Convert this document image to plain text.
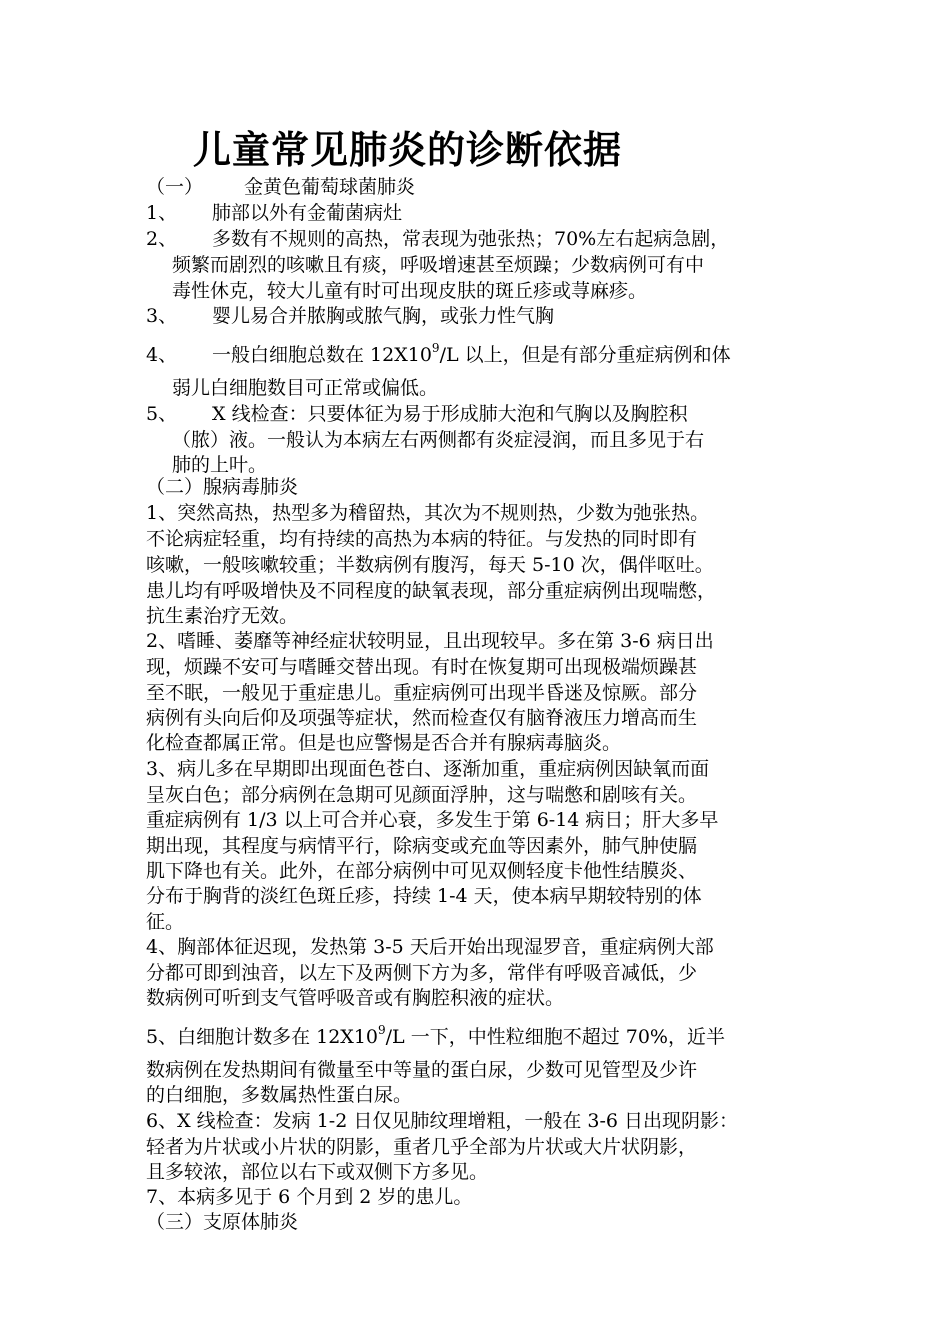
儿童常见肺炎的诊断依据

（一） 金黄色葡萄球菌肺炎

1、 肺部以外有金葡菌病灶

2、 多数有不规则的高热，常表现为弛张热；70%左右起病急剧，

频繁而剧烈的咳嗽且有痰，呼吸增速甚至烦躁；少数病例可有中

毒性休克，较大儿童有时可出现皮肤的斑丘疹或荨麻疹。

3、 婴儿易合并脓胸或脓气胸，或张力性气胸

4、 一般白细胞总数在 $12X10^9/L$ 以上，但是有部分重症病例和体

弱儿白细胞数目可正常或偏低。

5、 X 线检查：只要体征为易于形成肺大泡和气胸以及胸腔积

（脓）液。一般认为本病左右两侧都有炎症浸润，而且多见于右

肺的上叶。

（二）腺病毒肺炎

1、突然高热，热型多为稽留热，其次为不规则热，少数为弛张热。

不论病症轻重，均有持续的高热为本病的特征。与发热的同时即有

咳嗽，一般咳嗽较重；半数病例有腹泻，每天 5-10 次，偶伴呕吐。

患儿均有呼吸增快及不同程度的缺氧表现，部分重症病例出现喘憋，

抗生素治疗无效。

2、嗜睡、萎靡等神经症状较明显，且出现较早。多在第 3-6 病日出

现，烦躁不安可与嗜睡交替出现。有时在恢复期可出现极端烦躁甚

至不眠，一般见于重症患儿。重症病例可出现半昏迷及惊厥。部分

病例有头向后仰及项强等症状，然而检查仅有脑脊液压力增高而生

化检查都属正常。但是也应警惕是否合并有腺病毒脑炎。

3、病儿多在早期即出现面色苍白、逐渐加重，重症病例因缺氧而面

呈灰白色；部分病例在急期可见颜面浮肿，这与喘憋和剧咳有关。

重症病例有 1/3 以上可合并心衰，多发生于第 6-14 病日；肝大多早

期出现，其程度与病情平行，除病变或充血等因素外，肺气肿使膈

肌下降也有关。此外，在部分病例中可见双侧轻度卡他性结膜炎、

分布于胸背的淡红色斑丘疹，持续 1-4 天，使本病早期较特别的体

征。

4、胸部体征迟现，发热第 3-5 天后开始出现湿罗音，重症病例大部

分都可即到浊音，以左下及两侧下方为多，常伴有呼吸音减低，少

数病例可听到支气管呼吸音或有胸腔积液的症状。

5、白细胞计数多在 $12X10^9/L$ 一下，中性粒细胞不超过 70%，近半

数病例在发热期间有微量至中等量的蛋白尿，少数可见管型及少许

的白细胞，多数属热性蛋白尿。

6、X 线检查：发病 1-2 日仅见肺纹理增粗，一般在 3-6 日出现阴影：

轻者为片状或小片状的阴影，重者几乎全部为片状或大片状阴影，

且多较浓，部位以右下或双侧下方多见。

7、本病多见于 6 个月到 2 岁的患儿。

（三）支原体肺炎
